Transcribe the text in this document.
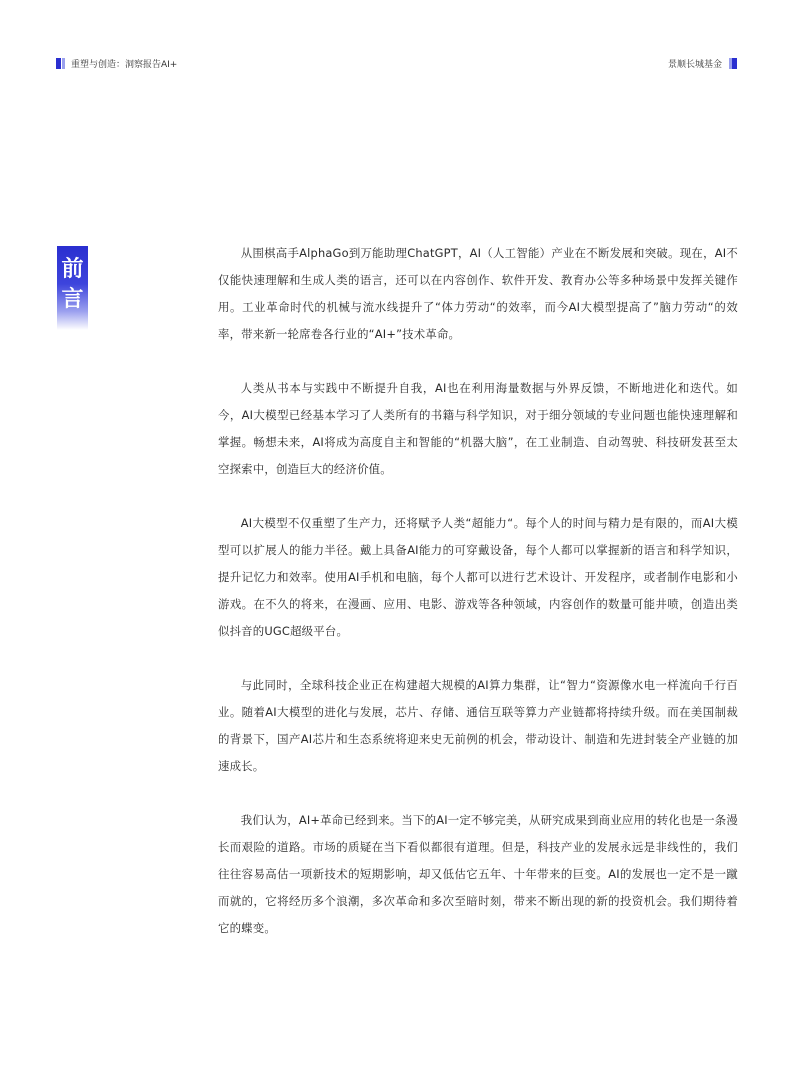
重塑与创造：洞察报告AI+	景顺长城基金
前
言

从围棋高手AlphaGo到万能助理ChatGPT，AI（人工智能）产业在不断发展和突破。现在，AI不仅能快速理解和生成人类的语言，还可以在内容创作、软件开发、教育办公等多种场景中发挥关键作用。工业革命时代的机械与流水线提升了“体力劳动“的效率，而今AI大模型提高了”脑力劳动“的效率，带来新一轮席卷各行业的“AI+”技术革命。

人类从书本与实践中不断提升自我，AI也在利用海量数据与外界反馈，不断地进化和迭代。如今，AI大模型已经基本学习了人类所有的书籍与科学知识，对于细分领域的专业问题也能快速理解和掌握。畅想未来，AI将成为高度自主和智能的“机器大脑”，在工业制造、自动驾驶、科技研发甚至太空探索中，创造巨大的经济价值。

AI大模型不仅重塑了生产力，还将赋予人类“超能力“。每个人的时间与精力是有限的，而AI大模型可以扩展人的能力半径。戴上具备AI能力的可穿戴设备，每个人都可以掌握新的语言和科学知识，提升记忆力和效率。使用AI手机和电脑，每个人都可以进行艺术设计、开发程序，或者制作电影和小游戏。在不久的将来，在漫画、应用、电影、游戏等各种领域，内容创作的数量可能井喷，创造出类似抖音的UGC超级平台。

与此同时，全球科技企业正在构建超大规模的AI算力集群，让“智力“资源像水电一样流向千行百业。随着AI大模型的进化与发展，芯片、存储、通信互联等算力产业链都将持续升级。而在美国制裁的背景下，国产AI芯片和生态系统将迎来史无前例的机会，带动设计、制造和先进封装全产业链的加速成长。

我们认为，AI+革命已经到来。当下的AI一定不够完美，从研究成果到商业应用的转化也是一条漫长而艰险的道路。市场的质疑在当下看似都很有道理。但是，科技产业的发展永远是非线性的，我们往往容易高估一项新技术的短期影响，却又低估它五年、十年带来的巨变。AI的发展也一定不是一蹴而就的，它将经历多个浪潮，多次革命和多次至暗时刻，带来不断出现的新的投资机会。我们期待着它的蝶变。
